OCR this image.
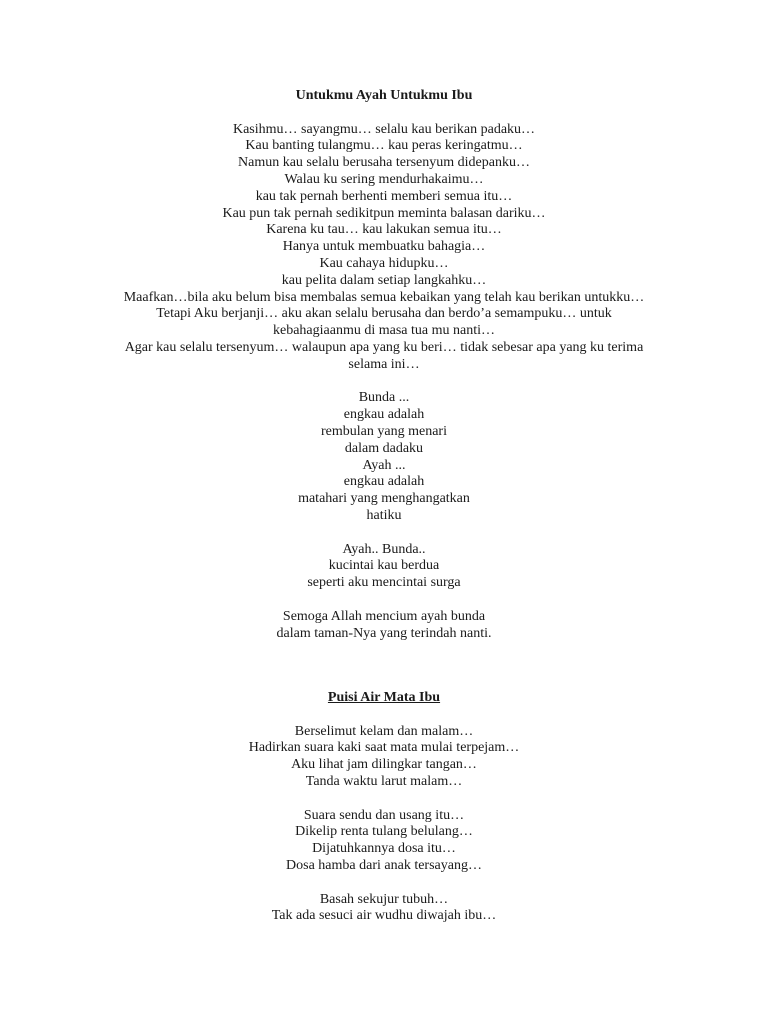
Untukmu Ayah Untukmu Ibu
Kasihmu… sayangmu… selalu kau berikan padaku…
Kau banting tulangmu… kau peras keringatmu…
Namun kau selalu berusaha tersenyum didepanku…
Walau ku sering mendurhakaimu…
kau tak pernah berhenti memberi semua itu…
Kau pun tak pernah sedikitpun meminta balasan dariku…
Karena ku tau… kau lakukan semua itu…
Hanya untuk membuatku bahagia…
Kau cahaya hidupku…
kau pelita dalam setiap langkahku…
Maafkan…bila aku belum bisa membalas semua kebaikan yang telah kau berikan untukku…
Tetapi Aku berjanji… aku akan selalu berusaha dan berdo’a semampuku… untuk
kebahagiaanmu di masa tua mu nanti…
Agar kau selalu tersenyum… walaupun apa yang ku beri… tidak sebesar apa yang ku terima
selama ini…
Bunda ...
engkau adalah
rembulan yang menari
dalam dadaku
Ayah ...
engkau adalah
matahari yang menghangatkan
hatiku
Ayah.. Bunda..
kucintai kau berdua
seperti aku mencintai surga
Semoga Allah mencium ayah bunda
dalam taman-Nya yang terindah nanti.
Puisi Air Mata Ibu
Berselimut kelam dan malam…
Hadirkan suara kaki saat mata mulai terpejam…
Aku lihat jam dilingkar tangan…
Tanda waktu larut malam…
Suara sendu dan usang itu…
Dikelip renta tulang belulang…
Dijatuhkannya dosa itu…
Dosa hamba dari anak tersayang…
Basah sekujur tubuh…
Tak ada sesuci air wudhu diwajah ibu…
